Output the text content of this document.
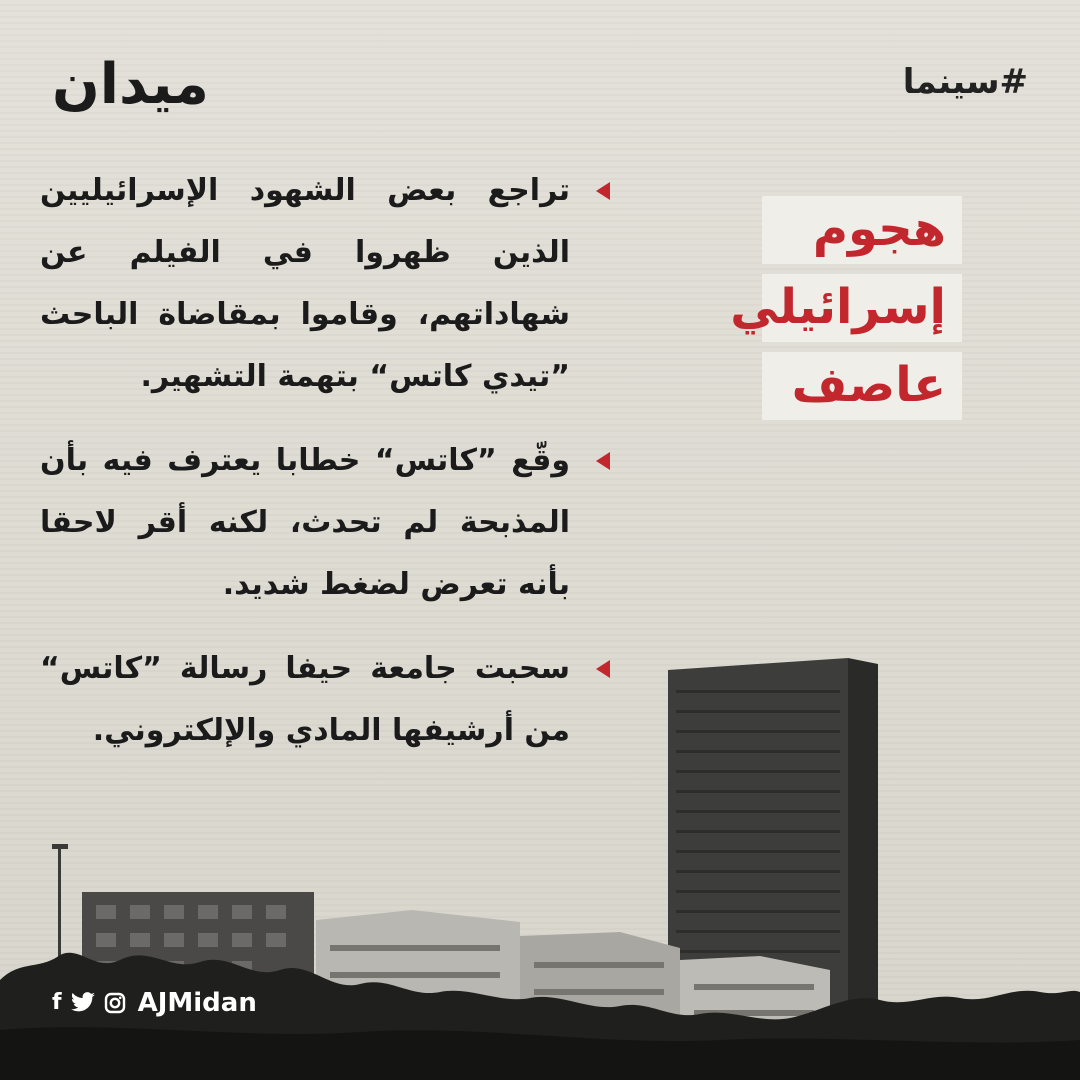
ميدان	#سينما
هجوم
إسرائيلي
عاصف
تراجع بعض الشهود الإسرائيليين الذين ظهروا في الفيلم عن شهاداتهم، وقاموا بمقاضاة الباحث ”تيدي كاتس“ بتهمة التشهير.
وقّع ”كاتس“ خطابا يعترف فيه بأن المذبحة لم تحدث، لكنه أقر لاحقا بأنه تعرض لضغط شديد.
سحبت جامعة حيفا رسالة ”كاتس“ من أرشيفها المادي والإلكتروني.
f	AJMidan
